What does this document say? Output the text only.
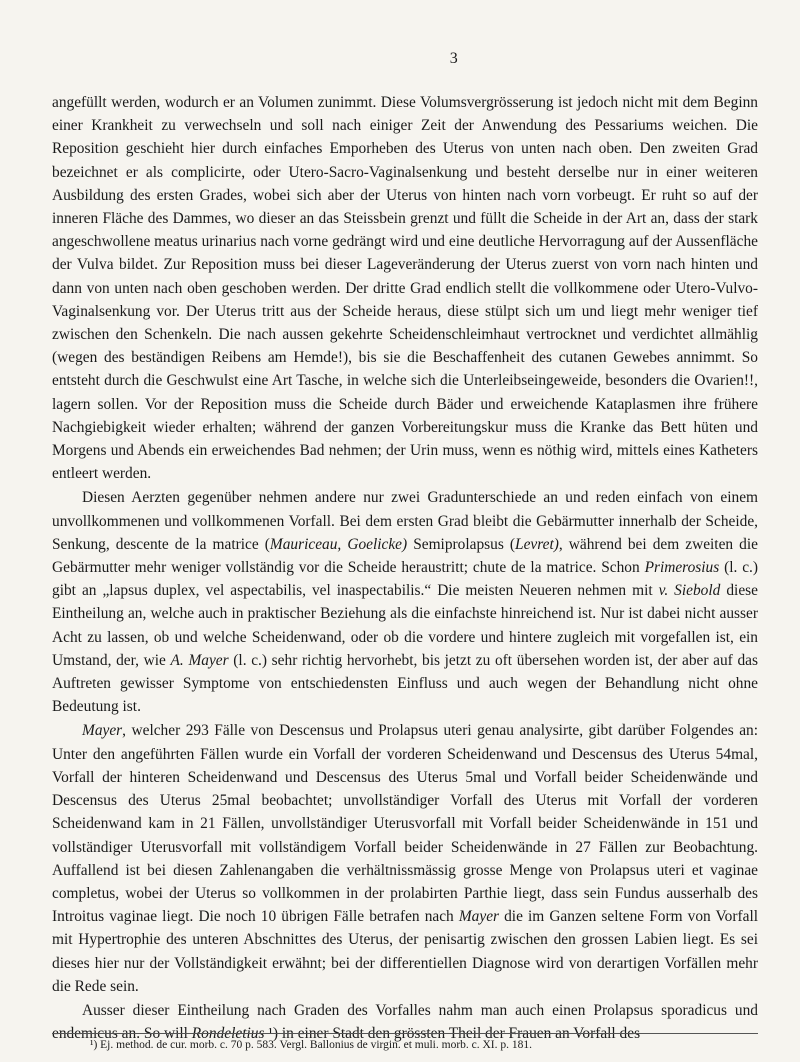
3

angefüllt werden, wodurch er an Volumen zunimmt. Diese Volumsvergrösserung ist jedoch nicht mit dem Beginn einer Krankheit zu verwechseln und soll nach einiger Zeit der Anwendung des Pessariums weichen. Die Reposition geschieht hier durch einfaches Emporheben des Uterus von unten nach oben. Den zweiten Grad bezeichnet er als complicirte, oder Utero-Sacro-Vaginalsenkung und besteht derselbe nur in einer weiteren Ausbildung des ersten Grades, wobei sich aber der Uterus von hinten nach vorn vorbeugt. Er ruht so auf der inneren Fläche des Dammes, wo dieser an das Steissbein grenzt und füllt die Scheide in der Art an, dass der stark angeschwollene meatus urinarius nach vorne gedrängt wird und eine deutliche Hervorragung auf der Aussenfläche der Vulva bildet. Zur Reposition muss bei dieser Lageveränderung der Uterus zuerst von vorn nach hinten und dann von unten nach oben geschoben werden. Der dritte Grad endlich stellt die vollkommene oder Utero-Vulvo-Vaginalsenkung vor. Der Uterus tritt aus der Scheide heraus, diese stülpt sich um und liegt mehr weniger tief zwischen den Schenkeln. Die nach aussen gekehrte Scheidenschleimhaut vertrocknet und verdichtet allmählig (wegen des beständigen Reibens am Hemde!), bis sie die Beschaffenheit des cutanen Gewebes annimmt. So entsteht durch die Geschwulst eine Art Tasche, in welche sich die Unterleibseingeweide, besonders die Ovarien!!, lagern sollen. Vor der Reposition muss die Scheide durch Bäder und erweichende Kataplasmen ihre frühere Nachgiebigkeit wieder erhalten; während der ganzen Vorbereitungskur muss die Kranke das Bett hüten und Morgens und Abends ein erweichendes Bad nehmen; der Urin muss, wenn es nöthig wird, mittels eines Katheters entleert werden.

Diesen Aerzten gegenüber nehmen andere nur zwei Gradunterschiede an und reden einfach von einem unvollkommenen und vollkommenen Vorfall. Bei dem ersten Grad bleibt die Gebärmutter innerhalb der Scheide, Senkung, descente de la matrice (Mauriceau, Goelicke) Semiprolapsus (Levret), während bei dem zweiten die Gebärmutter mehr weniger vollständig vor die Scheide heraustritt; chute de la matrice. Schon Primerosius (l. c.) gibt an „lapsus duplex, vel aspectabilis, vel inaspectabilis.“ Die meisten Neueren nehmen mit v. Siebold diese Eintheilung an, welche auch in praktischer Beziehung als die einfachste hinreichend ist. Nur ist dabei nicht ausser Acht zu lassen, ob und welche Scheidenwand, oder ob die vordere und hintere zugleich mit vorgefallen ist, ein Umstand, der, wie A. Mayer (l. c.) sehr richtig hervorhebt, bis jetzt zu oft übersehen worden ist, der aber auf das Auftreten gewisser Symptome von entschiedensten Einfluss und auch wegen der Behandlung nicht ohne Bedeutung ist.

Mayer, welcher 293 Fälle von Descensus und Prolapsus uteri genau analysirte, gibt darüber Folgendes an: Unter den angeführten Fällen wurde ein Vorfall der vorderen Scheidenwand und Descensus des Uterus 54mal, Vorfall der hinteren Scheidenwand und Descensus des Uterus 5mal und Vorfall beider Scheidenwände und Descensus des Uterus 25mal beobachtet; unvollständiger Vorfall des Uterus mit Vorfall der vorderen Scheidenwand kam in 21 Fällen, unvollständiger Uterusvorfall mit Vorfall beider Scheidenwände in 151 und vollständiger Uterusvorfall mit vollständigem Vorfall beider Scheidenwände in 27 Fällen zur Beobachtung. Auffallend ist bei diesen Zahlenangaben die verhältnissmässig grosse Menge von Prolapsus uteri et vaginae completus, wobei der Uterus so vollkommen in der prolabirten Parthie liegt, dass sein Fundus ausserhalb des Introitus vaginae liegt. Die noch 10 übrigen Fälle betrafen nach Mayer die im Ganzen seltene Form von Vorfall mit Hypertrophie des unteren Abschnittes des Uterus, der penisartig zwischen den grossen Labien liegt. Es sei dieses hier nur der Vollständigkeit erwähnt; bei der differentiellen Diagnose wird von derartigen Vorfällen mehr die Rede sein.

Ausser dieser Eintheilung nach Graden des Vorfalles nahm man auch einen Prolapsus sporadicus und endemicus an. So will Rondeletius ¹) in einer Stadt den grössten Theil der Frauen an Vorfall des

¹) Ej. method. de cur. morb. c. 70 p. 583. Vergl. Ballonius de virgin. et muli. morb. c. XI. p. 181.
